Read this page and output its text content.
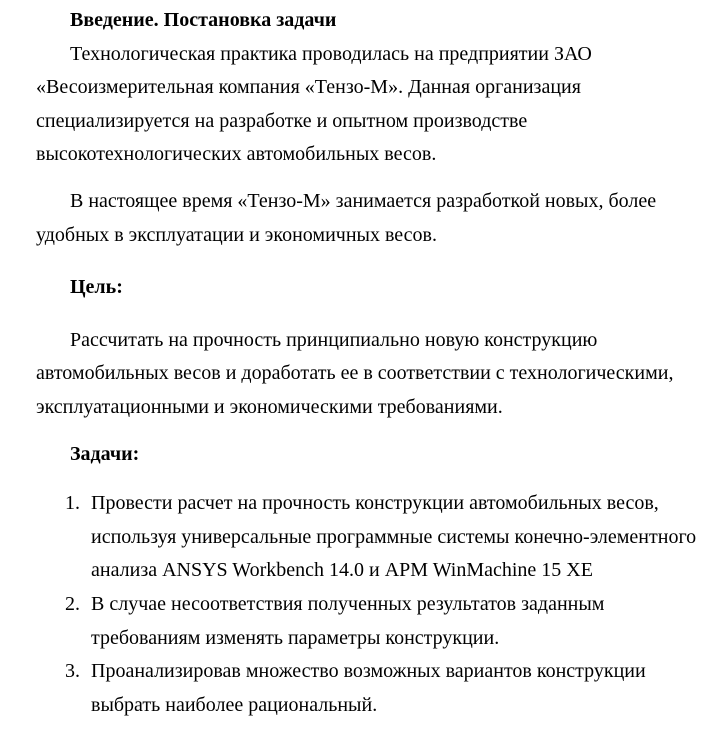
Введение. Постановка задачи
Технологическая практика проводилась на предприятии ЗАО
«Весоизмерительная компания «Тензо-М». Данная организация
специализируется на разработке и опытном производстве
высокотехнологических автомобильных весов.
В настоящее время «Тензо-М» занимается разработкой новых, более
удобных в эксплуатации и экономичных весов.
Цель:
Рассчитать на прочность принципиально новую конструкцию
автомобильных весов и доработать ее в соответствии с технологическими,
эксплуатационными и экономическими требованиями.
Задачи:
1. Провести расчет на прочность конструкции автомобильных весов,
используя универсальные программные системы конечно-элементного
анализа ANSYS Workbench 14.0 и APM WinMachine 15 XE
2. В случае несоответствия полученных результатов заданным
требованиям изменять параметры конструкции.
3. Проанализировав множество возможных вариантов конструкции
выбрать наиболее рациональный.
